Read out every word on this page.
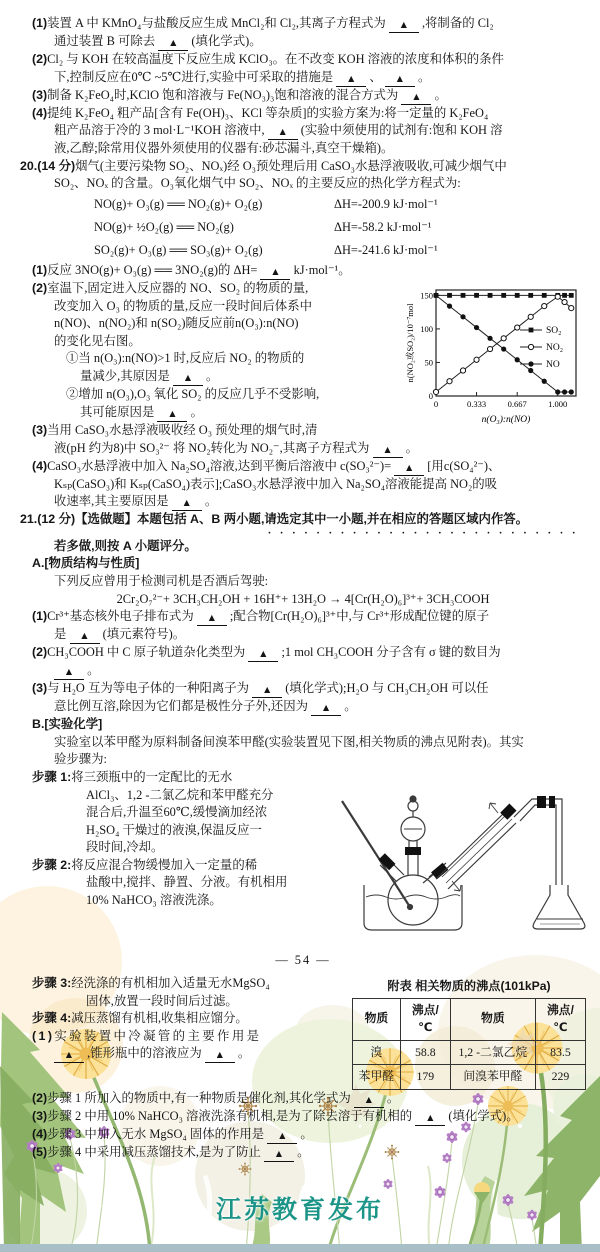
(1)装置 A 中 KMnO₄与盐酸反应生成 MnCl₂和 Cl₂,其离子方程式为 ▲ ,将制备的 Cl₂
通过装置 B 可除去 ▲ (填化学式)。
(2)Cl₂ 与 KOH 在较高温度下反应生成 KClO₃。在不改变 KOH 溶液的浓度和体积的条件
下,控制反应在0℃ ~5℃进行,实验中可采取的措施是 ▲ 、 ▲ 。
(3)制备 K₂FeO₄时,KClO 饱和溶液与 Fe(NO₃)₃饱和溶液的混合方式为 ▲ 。
(4)提纯 K₂FeO₄ 粗产品[含有 Fe(OH)₃、KCl 等杂质]的实验方案为:将一定量的 K₂FeO₄
粗产品溶于冷的 3 mol·L⁻¹KOH 溶液中, ▲ (实验中须使用的试剂有:饱和 KOH 溶
液,乙醇;除常用仪器外须使用的仪器有:砂芯漏斗,真空干燥箱)。
20.(14 分)烟气(主要污染物 SO₂、NOₓ)经 O₃预处理后用 CaSO₃水悬浮液吸收,可减少烟气中
SO₂、NOₓ 的含量。O₃氧化烟气中 SO₂、NOₓ 的主要反应的热化学方程式为:
NO(g)+ O₃(g) ══ NO₂(g)+ O₂(g)	ΔH=-200.9 kJ·mol⁻¹
NO(g)+ ½O₂(g) ══ NO₂(g)	ΔH=-58.2 kJ·mol⁻¹
SO₂(g)+ O₃(g) ══ SO₃(g)+ O₂(g)	ΔH=-241.6 kJ·mol⁻¹
(1)反应 3NO(g)+ O₃(g) ══ 3NO₂(g)的 ΔH= ▲ kJ·mol⁻¹。
(2)室温下,固定进入反应器的 NO、SO₂ 的物质的量,
改变加入 O₃ 的物质的量,反应一段时间后体系中
n(NO)、n(NO₂)和 n(SO₂)随反应前n(O₃):n(NO)
的变化见右图。
①当 n(O₃):n(NO)>1 时,反应后 NO₂ 的物质的
量减少,其原因是 ▲ 。
②增加 n(O₃),O₃ 氧化 SO₂ 的反应几乎不受影响,
其可能原因是 ▲ 。
(3)当用 CaSO₃水悬浮液吸收经 O₃ 预处理的烟气时,清
0	0.333	0.667	1.000
0
50
100
150
SO₂
NO₂
NO
n(O₃):n(NO)
n(NO₂或SO₂)/10⁻⁷mol
液(pH 约为8)中 SO₃²⁻ 将 NO₂转化为 NO₂⁻,其离子方程式为 ▲ 。
(4)CaSO₃水悬浮液中加入 Na₂SO₄溶液,达到平衡后溶液中 c(SO₃²⁻)= ▲ [用c(SO₄²⁻)、
Kₛₚ(CaSO₃)和 Kₛₚ(CaSO₄)表示];CaSO₃水悬浮液中加入 Na₂SO₄溶液能提高 NO₂的吸
收速率,其主要原因是 ▲ 。
21.(12 分)【选做题】本题包括 A、B 两小题,请选定其中一小题,并在相应的答题区域内作答。
··························
若多做,则按 A 小题评分。
A.[物质结构与性质]
下列反应曾用于检测司机是否酒后驾驶:
2Cr₂O₇²⁻+ 3CH₃CH₂OH + 16H⁺+ 13H₂O → 4[Cr(H₂O)₆]³⁺+ 3CH₃COOH
(1)Cr³⁺基态核外电子排布式为 ▲ ;配合物[Cr(H₂O)₆]³⁺中,与 Cr³⁺形成配位键的原子
是 ▲ (填元素符号)。
(2)CH₃COOH 中 C 原子轨道杂化类型为 ▲ ;1 mol CH₃COOH 分子含有 σ 键的数目为
▲ 。
(3)与 H₂O 互为等电子体的一种阳离子为 ▲ (填化学式);H₂O 与 CH₃CH₂OH 可以任
意比例互溶,除因为它们都是极性分子外,还因为 ▲ 。
B.[实验化学]
实验室以苯甲醛为原料制备间溴苯甲醛(实验装置见下图,相关物质的沸点见附表)。其实
验步骤为:
步骤 1:将三颈瓶中的一定配比的无水
AlCl₃、1,2 -二氯乙烷和苯甲醛充分
混合后,升温至60℃,缓慢滴加经浓
H₂SO₄ 干燥过的液溴,保温反应一
段时间,冷却。
步骤 2:将反应混合物缓慢加入一定量的稀
盐酸中,搅拌、静置、分液。有机相用
10% NaHCO₃ 溶液洗涤。
— 54 —
步骤 3:经洗涤的有机相加入适量无水MgSO₄
固体,放置一段时间后过滤。
步骤 4:减压蒸馏有机相,收集相应馏分。
(1)实验装置中冷凝管的主要作用是
▲ ,锥形瓶中的溶液应为 ▲ 。
附表 相关物质的沸点(101kPa)
物质	沸点/℃	物质	沸点/℃
溴	58.8	1,2 -二氯乙烷	83.5
苯甲醛	179	间溴苯甲醛	229
(2)步骤 1 所加入的物质中,有一种物质是催化剂,其化学式为 ▲ 。
(3)步骤 2 中用 10% NaHCO₃ 溶液洗涤有机相,是为了除去溶于有机相的 ▲ (填化学式)。
(4)步骤 3 中加入无水 MgSO₄ 固体的作用是 ▲ 。
(5)步骤 4 中采用减压蒸馏技术,是为了防止 ▲ 。
江苏教育发布
